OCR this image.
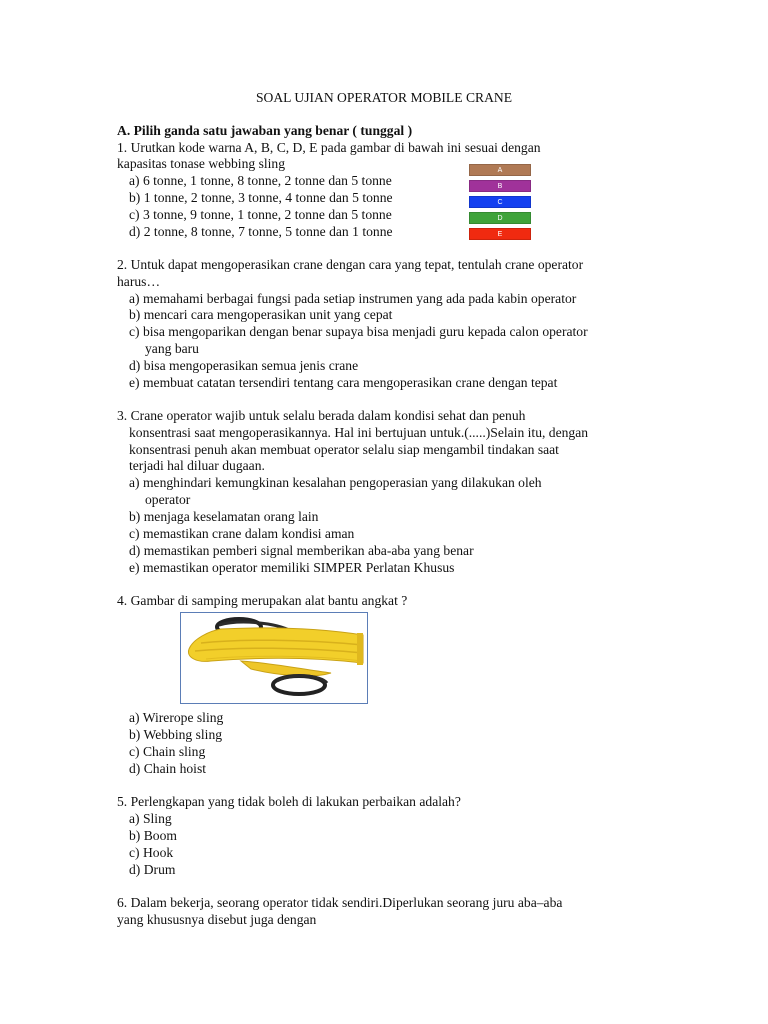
SOAL UJIAN OPERATOR MOBILE CRANE
A. Pilih ganda satu jawaban yang benar ( tunggal )
1. Urutkan kode warna A, B, C, D, E pada gambar di bawah ini sesuai dengan
kapasitas tonase webbing sling
a) 6 tonne, 1 tonne, 8 tonne, 2 tonne dan 5 tonne
b) 1 tonne, 2 tonne, 3 tonne, 4 tonne dan 5 tonne
c) 3 tonne, 9 tonne, 1 tonne, 2 tonne dan 5 tonne
d) 2 tonne, 8 tonne, 7 tonne, 5 tonne dan 1 tonne
A
B
C
D
E
2. Untuk dapat mengoperasikan crane dengan cara yang tepat, tentulah crane operator
harus…
a) memahami berbagai fungsi pada setiap instrumen yang ada pada kabin operator
b) mencari cara mengoperasikan unit yang cepat
c) bisa mengoparikan dengan benar supaya bisa menjadi guru kepada calon operator
yang baru
d) bisa mengoperasikan semua jenis crane
e) membuat catatan tersendiri tentang cara mengoperasikan crane dengan tepat
3. Crane operator wajib untuk selalu berada dalam kondisi sehat dan penuh
konsentrasi saat mengoperasikannya. Hal ini bertujuan untuk.(.....)Selain itu, dengan
konsentrasi penuh akan membuat operator selalu siap mengambil tindakan saat
terjadi hal diluar dugaan.
a) menghindari kemungkinan kesalahan pengoperasian yang dilakukan oleh
operator
b) menjaga keselamatan orang lain
c) memastikan crane dalam kondisi aman
d) memastikan pemberi signal memberikan aba-aba yang benar
e) memastikan operator memiliki SIMPER Perlatan Khusus
4. Gambar di samping merupakan alat bantu angkat ?
a) Wirerope sling
b) Webbing sling
c) Chain sling
d) Chain hoist
5. Perlengkapan yang tidak boleh di lakukan perbaikan adalah?
a) Sling
b) Boom
c) Hook
d) Drum
6. Dalam bekerja, seorang operator tidak sendiri.Diperlukan seorang juru aba–aba
yang khususnya disebut juga dengan
